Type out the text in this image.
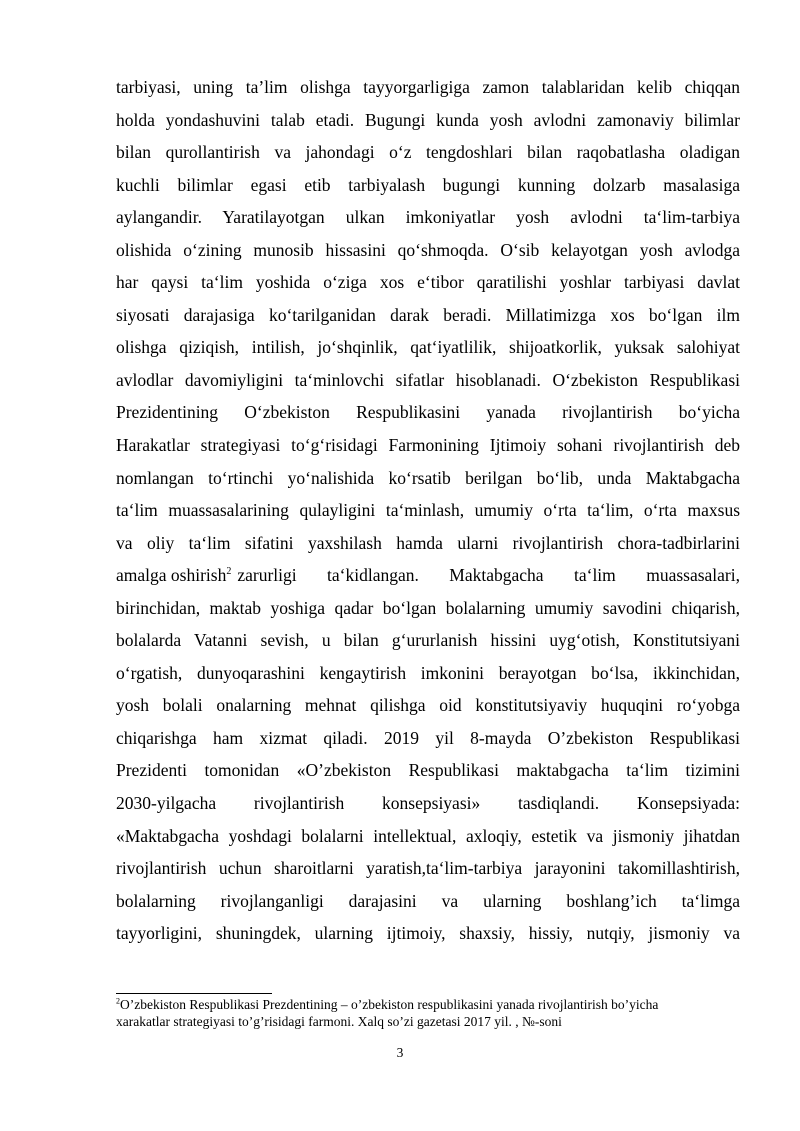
tarbiyasi, uning ta’lim olishga tayyorgarligiga zamon talablaridan kelib chiqqan
holda yondashuvini talab etadi. Bugungi kunda yosh avlodni zamonaviy bilimlar
bilan qurollantirish va jahondagi o‘z tengdoshlari bilan raqobatlasha oladigan
kuchli bilimlar egasi etib tarbiyalash bugungi kunning dolzarb masalasiga
aylangandir. Yaratilayotgan ulkan imkoniyatlar yosh avlodni ta‘lim-tarbiya
olishida o‘zining munosib hissasini qo‘shmoqda. O‘sib kelayotgan yosh avlodga
har qaysi ta‘lim yoshida o‘ziga xos e‘tibor qaratilishi yoshlar tarbiyasi davlat
siyosati darajasiga ko‘tarilganidan darak beradi. Millatimizga xos bo‘lgan ilm
olishga qiziqish, intilish, jo‘shqinlik, qat‘iyatlilik, shijoatkorlik, yuksak salohiyat
avlodlar davomiyligini ta‘minlovchi sifatlar hisoblanadi. O‘zbekiston Respublikasi
Prezidentining O‘zbekiston Respublikasini yanada rivojlantirish bo‘yicha
Harakatlar strategiyasi to‘g‘risidagi Farmonining Ijtimoiy sohani rivojlantirish deb
nomlangan to‘rtinchi yo‘nalishida ko‘rsatib berilgan bo‘lib, unda Maktabgacha
ta‘lim muassasalarining qulayligini ta‘minlash, umumiy o‘rta ta‘lim, o‘rta maxsus
va oliy ta‘lim sifatini yaxshilash hamda ularni rivojlantirish chora-tadbirlarini
amalga oshirish$^2$ zarurligi ta‘kidlangan. Maktabgacha ta‘lim muassasalari,
birinchidan, maktab yoshiga qadar bo‘lgan bolalarning umumiy savodini chiqarish,
bolalarda Vatanni sevish, u bilan g‘ururlanish hissini uyg‘otish, Konstitutsiyani
o‘rgatish, dunyoqarashini kengaytirish imkonini berayotgan bo‘lsa, ikkinchidan,
yosh bolali onalarning mehnat qilishga oid konstitutsiyaviy huquqini ro‘yobga
chiqarishga ham xizmat qiladi. 2019 yil 8-mayda O’zbekiston Respublikasi
Prezidenti tomonidan «O’zbekiston Respublikasi maktabgacha ta‘lim tizimini
2030-yilgacha rivojlantirish konsepsiyasi» tasdiqlandi. Konsepsiyada:
«Maktabgacha yoshdagi bolalarni intellektual, axloqiy, estetik va jismoniy jihatdan
rivojlantirish uchun sharoitlarni yaratish,ta‘lim-tarbiya jarayonini takomillashtirish,
bolalarning rivojlanganligi darajasini va ularning boshlang’ich ta‘limga
tayyorligini, shuningdek, ularning ijtimoiy, shaxsiy, hissiy, nutqiy, jismoniy va
$^2$O’zbekiston Respublikasi Prezdentining – o’zbekiston respublikasini yanada rivojlantirish bo’yicha
xarakatlar strategiyasi to’g’risidagi farmoni. Xalq so’zi gazetasi 2017 yil. , №-soni
3
